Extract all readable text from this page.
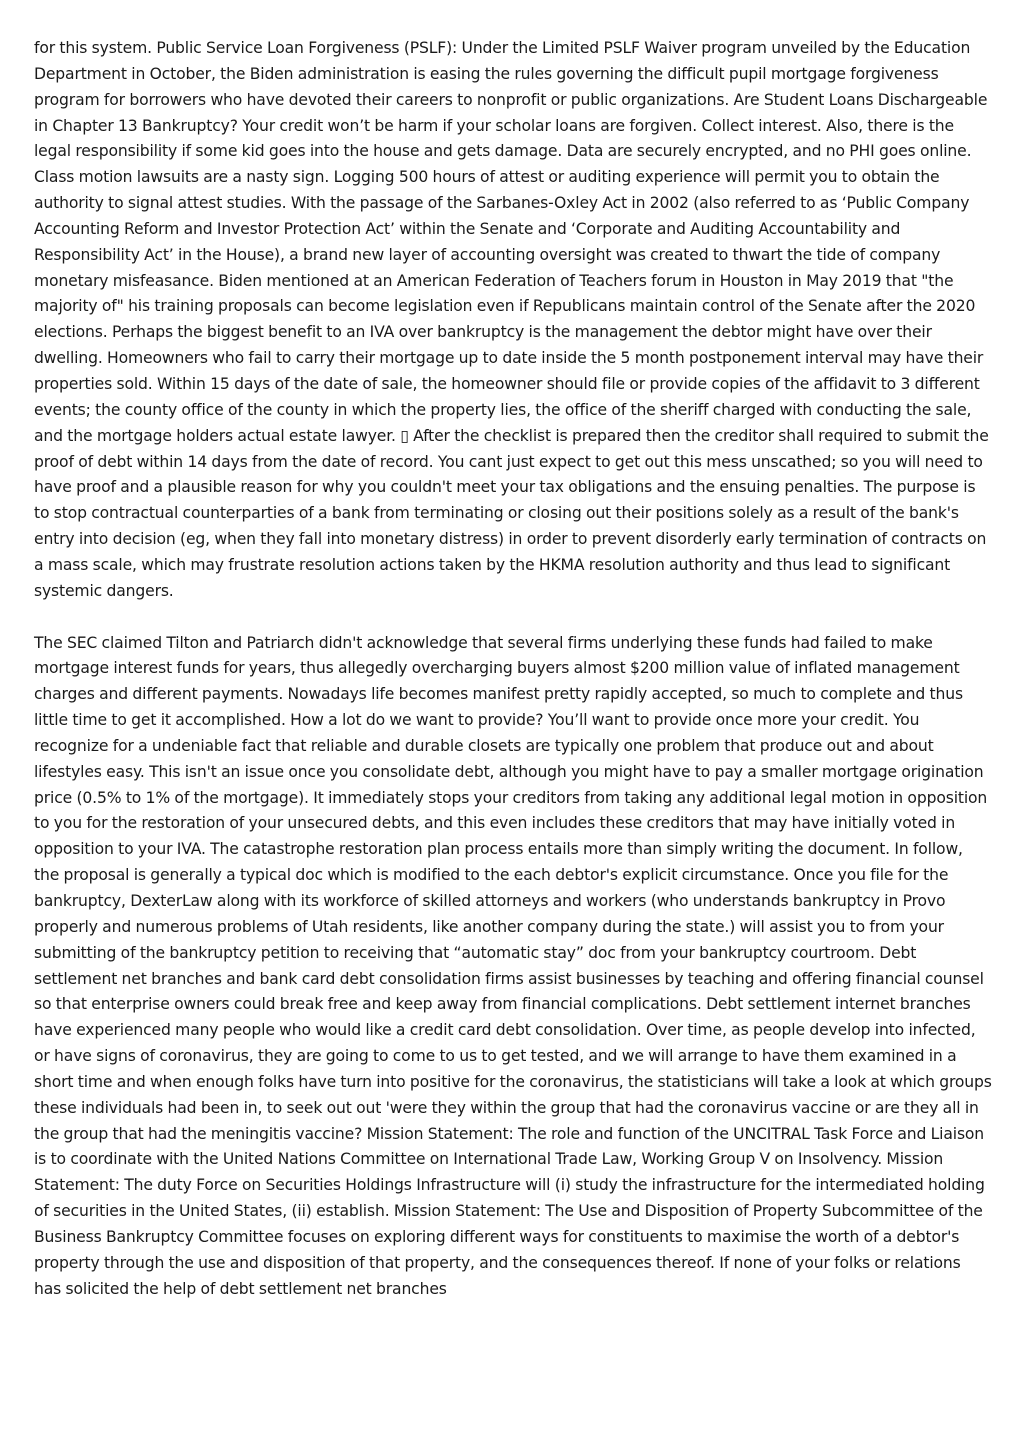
for this system. Public Service Loan Forgiveness (PSLF): Under the Limited PSLF Waiver program unveiled by the Education Department in October, the Biden administration is easing the rules governing the difficult pupil mortgage forgiveness program for borrowers who have devoted their careers to nonprofit or public organizations. Are Student Loans Dischargeable in Chapter 13 Bankruptcy? Your credit won’t be harm if your scholar loans are forgiven. Collect interest. Also, there is the legal responsibility if some kid goes into the house and gets damage. Data are securely encrypted, and no PHI goes online. Class motion lawsuits are a nasty sign. Logging 500 hours of attest or auditing experience will permit you to obtain the authority to signal attest studies. With the passage of the Sarbanes-Oxley Act in 2002 (also referred to as ‘Public Company Accounting Reform and Investor Protection Act’ within the Senate and ‘Corporate and Auditing Accountability and Responsibility Act’ in the House), a brand new layer of accounting oversight was created to thwart the tide of company monetary misfeasance. Biden mentioned at an American Federation of Teachers forum in Houston in May 2019 that "the majority of" his training proposals can become legislation even if Republicans maintain control of the Senate after the 2020 elections. Perhaps the biggest benefit to an IVA over bankruptcy is the management the debtor might have over their dwelling. Homeowners who fail to carry their mortgage up to date inside the 5 month postponement interval may have their properties sold. Within 15 days of the date of sale, the homeowner should file or provide copies of the affidavit to 3 different events; the county office of the county in which the property lies, the office of the sheriff charged with conducting the sale, and the mortgage holders actual estate lawyer. ▯ After the checklist is prepared then the creditor shall required to submit the proof of debt within 14 days from the date of record. You cant just expect to get out this mess unscathed; so you will need to have proof and a plausible reason for why you couldn't meet your tax obligations and the ensuing penalties. The purpose is to stop contractual counterparties of a bank from terminating or closing out their positions solely as a result of the bank's entry into decision (eg, when they fall into monetary distress) in order to prevent disorderly early termination of contracts on a mass scale, which may frustrate resolution actions taken by the HKMA resolution authority and thus lead to significant systemic dangers.

The SEC claimed Tilton and Patriarch didn't acknowledge that several firms underlying these funds had failed to make mortgage interest funds for years, thus allegedly overcharging buyers almost $200 million value of inflated management charges and different payments. Nowadays life becomes manifest pretty rapidly accepted, so much to complete and thus little time to get it accomplished. How a lot do we want to provide? You’ll want to provide once more your credit. You recognize for a undeniable fact that reliable and durable closets are typically one problem that produce out and about lifestyles easy. This isn't an issue once you consolidate debt, although you might have to pay a smaller mortgage origination price (0.5% to 1% of the mortgage). It immediately stops your creditors from taking any additional legal motion in opposition to you for the restoration of your unsecured debts, and this even includes these creditors that may have initially voted in opposition to your IVA. The catastrophe restoration plan process entails more than simply writing the document. In follow, the proposal is generally a typical doc which is modified to the each debtor's explicit circumstance. Once you file for the bankruptcy, DexterLaw along with its workforce of skilled attorneys and workers (who understands bankruptcy in Provo properly and numerous problems of Utah residents, like another company during the state.) will assist you to from your submitting of the bankruptcy petition to receiving that “automatic stay” doc from your bankruptcy courtroom. Debt settlement net branches and bank card debt consolidation firms assist businesses by teaching and offering financial counsel so that enterprise owners could break free and keep away from financial complications. Debt settlement internet branches have experienced many people who would like a credit card debt consolidation. Over time, as people develop into infected, or have signs of coronavirus, they are going to come to us to get tested, and we will arrange to have them examined in a short time and when enough folks have turn into positive for the coronavirus, the statisticians will take a look at which groups these individuals had been in, to seek out out 'were they within the group that had the coronavirus vaccine or are they all in the group that had the meningitis vaccine? Mission Statement: The role and function of the UNCITRAL Task Force and Liaison is to coordinate with the United Nations Committee on International Trade Law, Working Group V on Insolvency. Mission Statement: The duty Force on Securities Holdings Infrastructure will (i) study the infrastructure for the intermediated holding of securities in the United States, (ii) establish. Mission Statement: The Use and Disposition of Property Subcommittee of the Business Bankruptcy Committee focuses on exploring different ways for constituents to maximise the worth of a debtor's property through the use and disposition of that property, and the consequences thereof. If none of your folks or relations has solicited the help of debt settlement net branches
